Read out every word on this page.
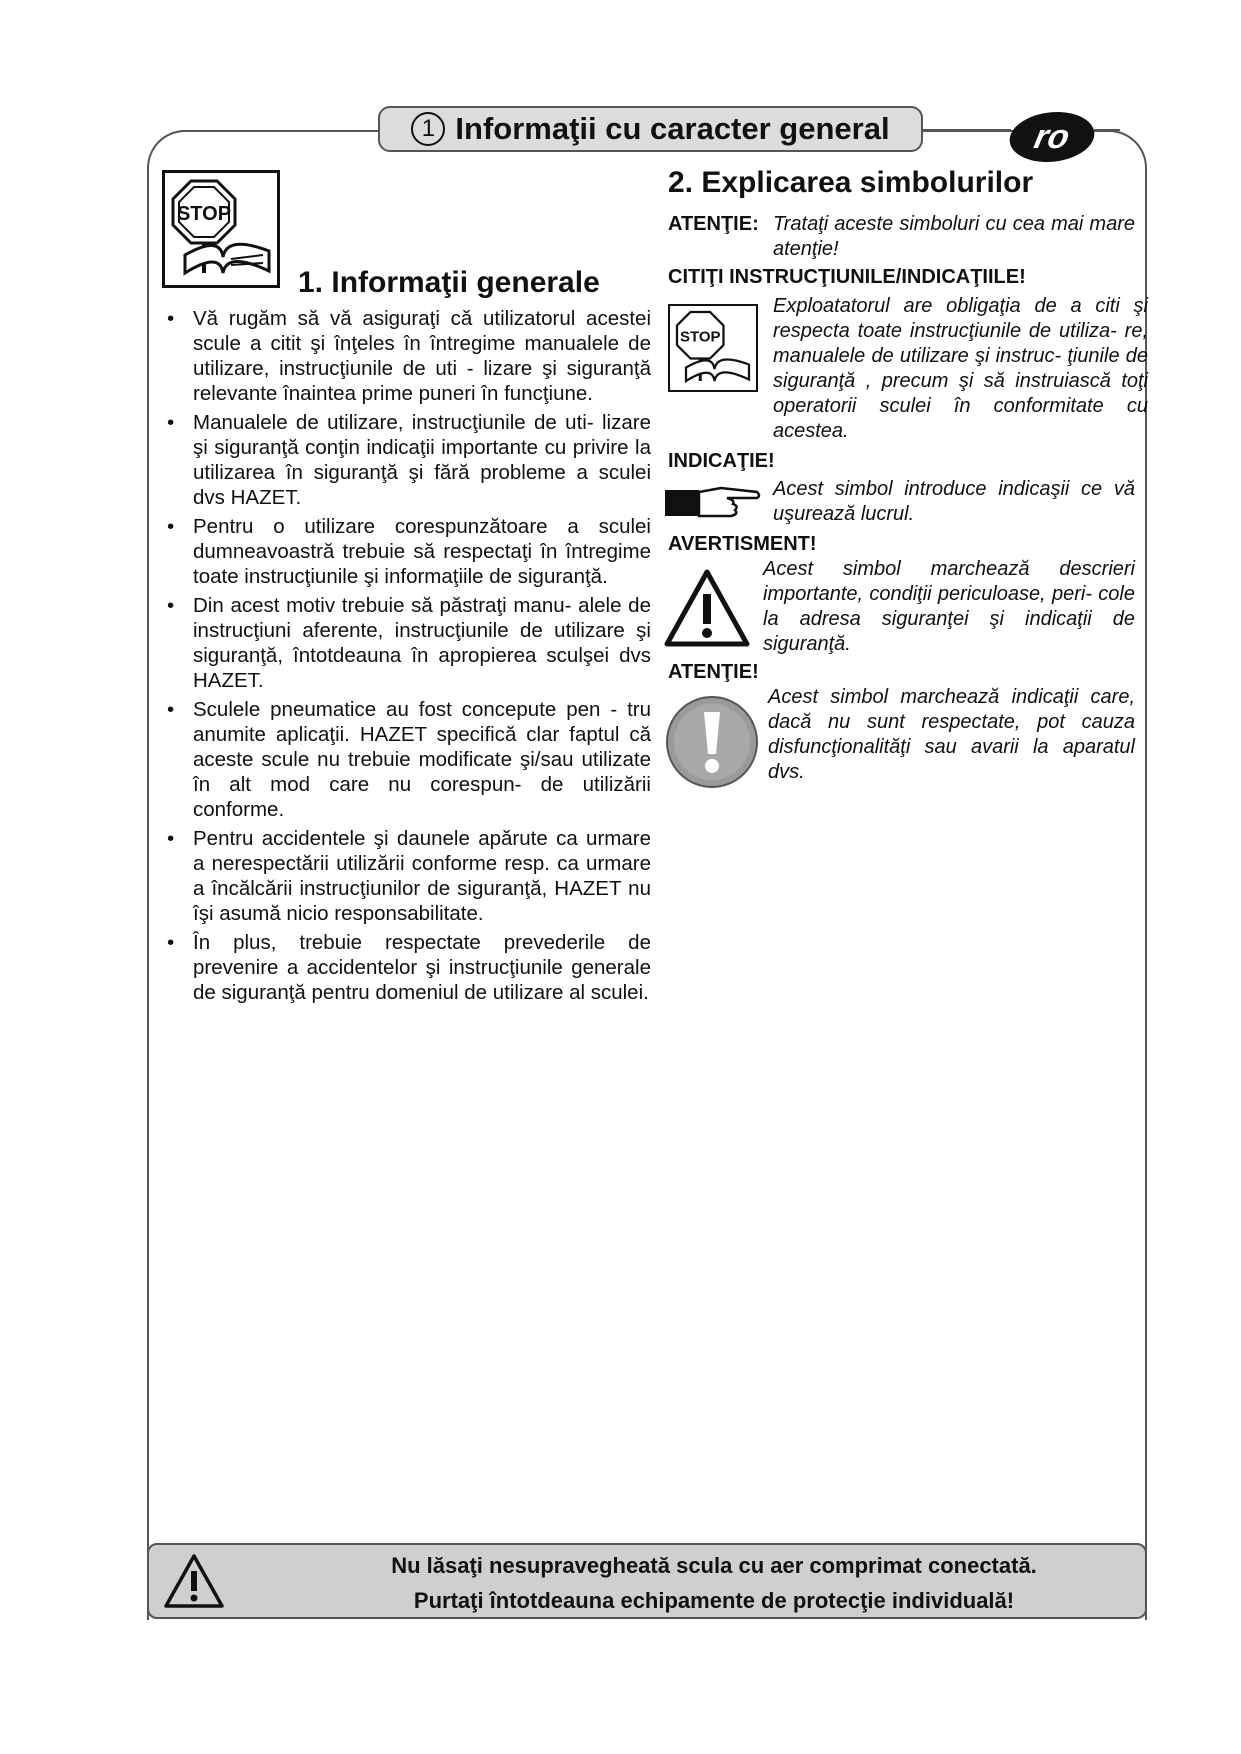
1 Informaţii cu caracter general	ro
STOP
1. Informaţii generale
• Vă rugăm să vă asiguraţi că utilizatorul acestei scule a citit şi înţeles în întregime manualele de utilizare, instrucţiunile de uti - lizare şi siguranţă relevante înaintea prime puneri în funcţiune.
• Manualele de utilizare, instrucţiunile de uti- lizare şi siguranţă conţin indicaţii importante cu privire la utilizarea în siguranţă şi fără probleme a sculei dvs HAZET.
• Pentru o utilizare corespunzătoare a sculei dumneavoastră trebuie să respectaţi în întregime toate instrucţiunile şi informaţiile de siguranţă.
• Din acest motiv trebuie să păstraţi manu- alele de instrucţiuni aferente, instrucţiunile de utilizare şi siguranţă, întotdeauna în apropierea sculşei dvs HAZET.
• Sculele pneumatice au fost concepute pen - tru anumite aplicaţii. HAZET specifică clar faptul că aceste scule nu trebuie modificate şi/sau utilizate în alt mod care nu corespun- de utilizării conforme.
• Pentru accidentele şi daunele apărute ca urmare a nerespectării utilizării conforme resp. ca urmare a încălcării instrucţiunilor de siguranţă, HAZET nu îşi asumă nicio responsabilitate.
• În plus, trebuie respectate prevederile de prevenire a accidentelor şi instrucţiunile generale de siguranţă pentru domeniul de utilizare al sculei.
2. Explicarea simbolurilor
ATENŢIE: Trataţi aceste simboluri cu cea mai mare atenţie!
CITIŢI INSTRUCŢIUNILE/INDICAŢIILE!
STOP
Exploatatorul are obligaţia de a citi şi respecta toate instrucţiunile de utiliza- re, manualele de utilizare şi instruc- ţiunile de siguranţă , precum şi să instruiască toţi operatorii sculei în conformitate cu acestea.
INDICAŢIE!
Acest simbol introduce indicaşii ce vă uşurează lucrul.
AVERTISMENT!
Acest simbol marchează descrieri importante, condiţii periculoase, peri- cole la adresa siguranţei şi indicaţii de siguranţă.
ATENŢIE!
Acest simbol marchează indicaţii care, dacă nu sunt respectate, pot cauza disfuncţionalităţi sau avarii la aparatul dvs.
Nu lăsaţi nesupravegheată scula cu aer comprimat conectată.
Purtaţi întotdeauna echipamente de protecţie individuală!
